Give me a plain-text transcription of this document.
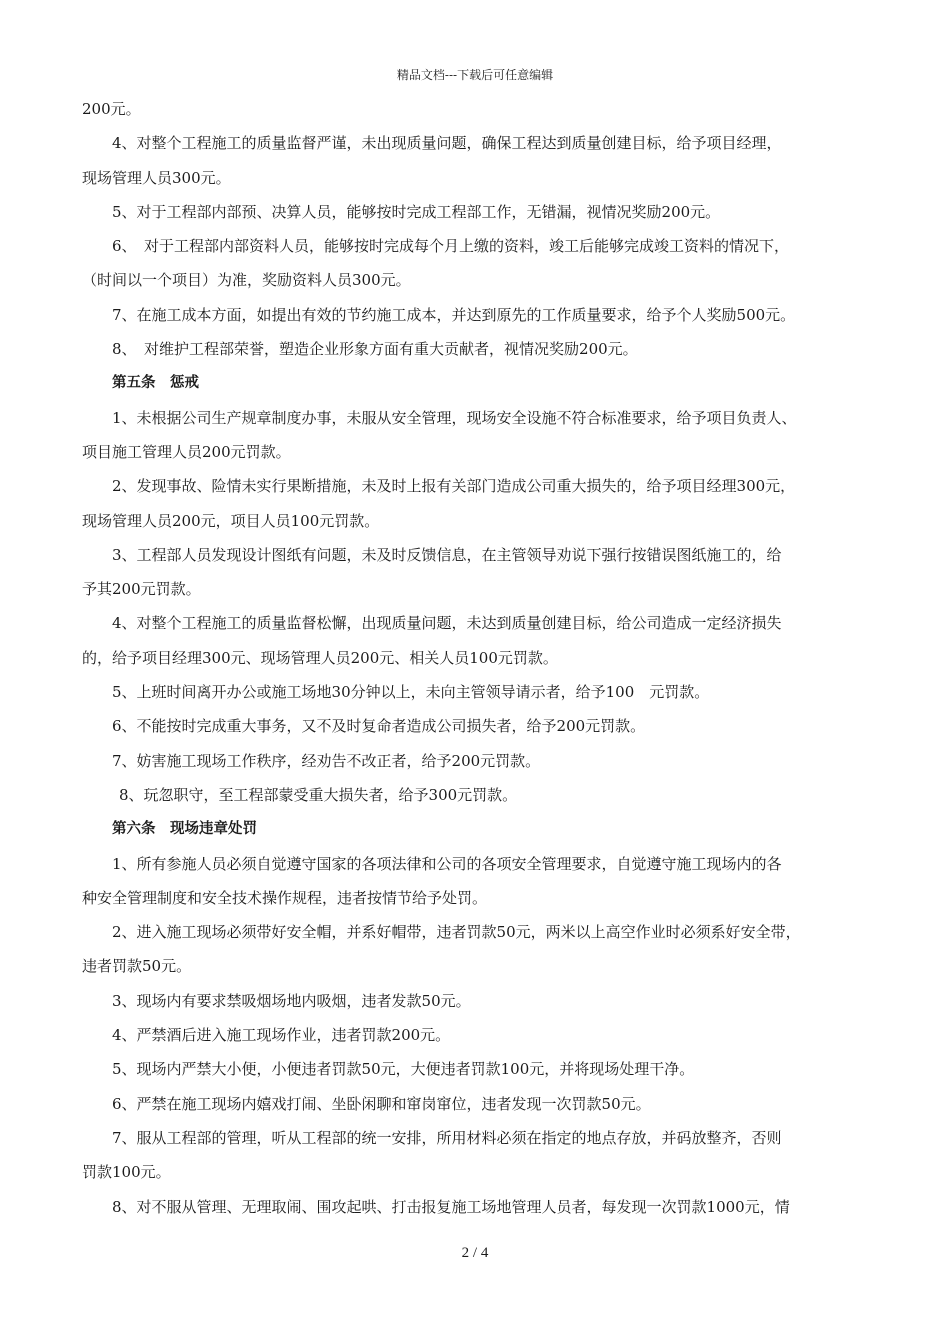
精品文档---下载后可任意编辑

200元。

4、对整个工程施工的质量监督严谨，未出现质量问题，确保工程达到质量创建目标，给予项目经理，

现场管理人员300元。

5、对于工程部内部预、决算人员，能够按时完成工程部工作，无错漏，视情况奖励200元。

6、　对于工程部内部资料人员，能够按时完成每个月上缴的资料，竣工后能够完成竣工资料的情况下，

（时间以一个项目）为准，奖励资料人员300元。

7、在施工成本方面，如提出有效的节约施工成本，并达到原先的工作质量要求，给予个人奖励500元。

8、　对维护工程部荣誉，塑造企业形象方面有重大贡献者，视情况奖励200元。

第五条　惩戒

1、未根据公司生产规章制度办事，未服从安全管理，现场安全设施不符合标准要求，给予项目负责人、

项目施工管理人员200元罚款。

2、发现事故、险情未实行果断措施，未及时上报有关部门造成公司重大损失的，给予项目经理300元，

现场管理人员200元，项目人员100元罚款。

3、工程部人员发现设计图纸有问题，未及时反馈信息，在主管领导劝说下强行按错误图纸施工的，给

予其200元罚款。

4、对整个工程施工的质量监督松懈，出现质量问题，未达到质量创建目标，给公司造成一定经济损失

的，给予项目经理300元、现场管理人员200元、相关人员100元罚款。

5、上班时间离开办公或施工场地30分钟以上，未向主管领导请示者，给予100　元罚款。

6、不能按时完成重大事务，又不及时复命者造成公司损失者，给予200元罚款。

7、妨害施工现场工作秩序，经劝告不改正者，给予200元罚款。

8、玩忽职守，至工程部蒙受重大损失者，给予300元罚款。

第六条　现场违章处罚

1、所有参施人员必须自觉遵守国家的各项法律和公司的各项安全管理要求，自觉遵守施工现场内的各

种安全管理制度和安全技术操作规程，违者按情节给予处罚。

2、进入施工现场必须带好安全帽，并系好帽带，违者罚款50元，两米以上高空作业时必须系好安全带，

违者罚款50元。

3、现场内有要求禁吸烟场地内吸烟，违者发款50元。

4、严禁酒后进入施工现场作业，违者罚款200元。

5、现场内严禁大小便，小便违者罚款50元，大便违者罚款100元，并将现场处理干净。

6、严禁在施工现场内嬉戏打闹、坐卧闲聊和窜岗窜位，违者发现一次罚款50元。

7、服从工程部的管理，听从工程部的统一安排，所用材料必须在指定的地点存放，并码放整齐，否则

罚款100元。

8、对不服从管理、无理取闹、围攻起哄、打击报复施工场地管理人员者，每发现一次罚款1000元，情

2 / 4
